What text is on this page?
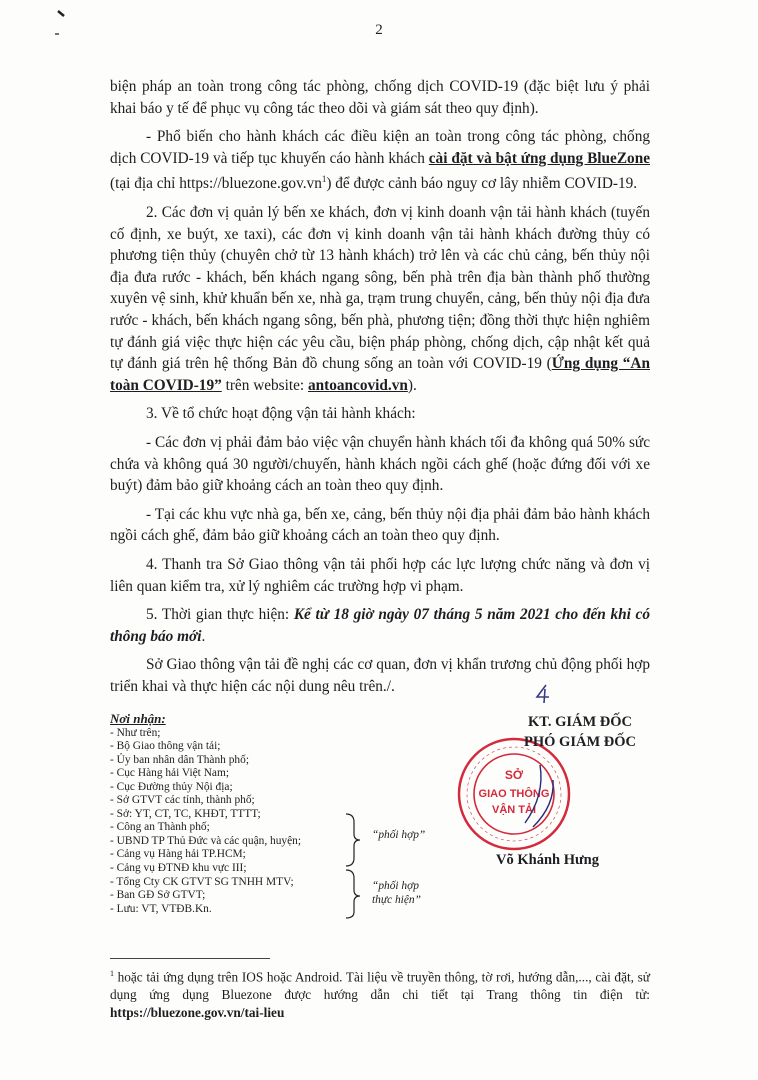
2

biện pháp an toàn trong công tác phòng, chống dịch COVID-19 (đặc biệt lưu ý phải khai báo y tế để phục vụ công tác theo dõi và giám sát theo quy định).

- Phổ biến cho hành khách các điều kiện an toàn trong công tác phòng, chống dịch COVID-19 và tiếp tục khuyến cáo hành khách cài đặt và bật ứng dụng BlueZone (tại địa chỉ $https://bluezone.gov.vn^1$) để được cảnh báo nguy cơ lây nhiễm COVID-19.

2. Các đơn vị quản lý bến xe khách, đơn vị kinh doanh vận tải hành khách (tuyến cố định, xe buýt, xe taxi), các đơn vị kinh doanh vận tải hành khách đường thủy có phương tiện thủy (chuyên chở từ 13 hành khách) trở lên và các chủ cảng, bến thủy nội địa đưa rước - khách, bến khách ngang sông, bến phà trên địa bàn thành phố thường xuyên vệ sinh, khử khuẩn bến xe, nhà ga, trạm trung chuyển, cảng, bến thủy nội địa đưa rước - khách, bến khách ngang sông, bến phà, phương tiện; đồng thời thực hiện nghiêm tự đánh giá việc thực hiện các yêu cầu, biện pháp phòng, chống dịch, cập nhật kết quả tự đánh giá trên hệ thống Bản đồ chung sống an toàn với COVID-19 (Ứng dụng “An toàn COVID-19” trên website: antoancovid.vn).

3. Về tổ chức hoạt động vận tải hành khách:

- Các đơn vị phải đảm bảo việc vận chuyển hành khách tối đa không quá 50% sức chứa và không quá 30 người/chuyến, hành khách ngồi cách ghế (hoặc đứng đối với xe buýt) đảm bảo giữ khoảng cách an toàn theo quy định.

- Tại các khu vực nhà ga, bến xe, cảng, bến thủy nội địa phải đảm bảo hành khách ngồi cách ghế, đảm bảo giữ khoảng cách an toàn theo quy định.

4. Thanh tra Sở Giao thông vận tải phối hợp các lực lượng chức năng và đơn vị liên quan kiểm tra, xử lý nghiêm các trường hợp vi phạm.

5. Thời gian thực hiện: Kể từ 18 giờ ngày 07 tháng 5 năm 2021 cho đến khi có thông báo mới.

Sở Giao thông vận tải đề nghị các cơ quan, đơn vị khẩn trương chủ động phối hợp triển khai và thực hiện các nội dung nêu trên./.

Nơi nhận:
- Như trên;
- Bộ Giao thông vận tải;
- Ủy ban nhân dân Thành phố;
- Cục Hàng hải Việt Nam;
- Cục Đường thủy Nội địa;
- Sở GTVT các tỉnh, thành phố;
- Sở: YT, CT, TC, KHĐT, TTTT;
- Công an Thành phố;
- UBND TP Thủ Đức và các quận, huyện;
- Cảng vụ Hàng hải TP.HCM;
- Cảng vụ ĐTNĐ khu vực III;
- Tổng Cty CK GTVT SG TNHH MTV;
- Ban GĐ Sở GTVT;
- Lưu: VT, VTĐB.Kn.
“phối hợp”
“phối hợp
thực hiện”
SỞ
GIAO THÔNG
VẬN TẢI
KT. GIÁM ĐỐC
PHÓ GIÁM ĐỐC
Võ Khánh Hưng
$^1$ hoặc tải ứng dụng trên IOS hoặc Android. Tài liệu về truyền thông, tờ rơi, hướng dẫn,..., cài đặt, sử dụng ứng dụng Bluezone được hướng dẫn chi tiết tại Trang thông tin điện tử: https://bluezone.gov.vn/tai-lieu
